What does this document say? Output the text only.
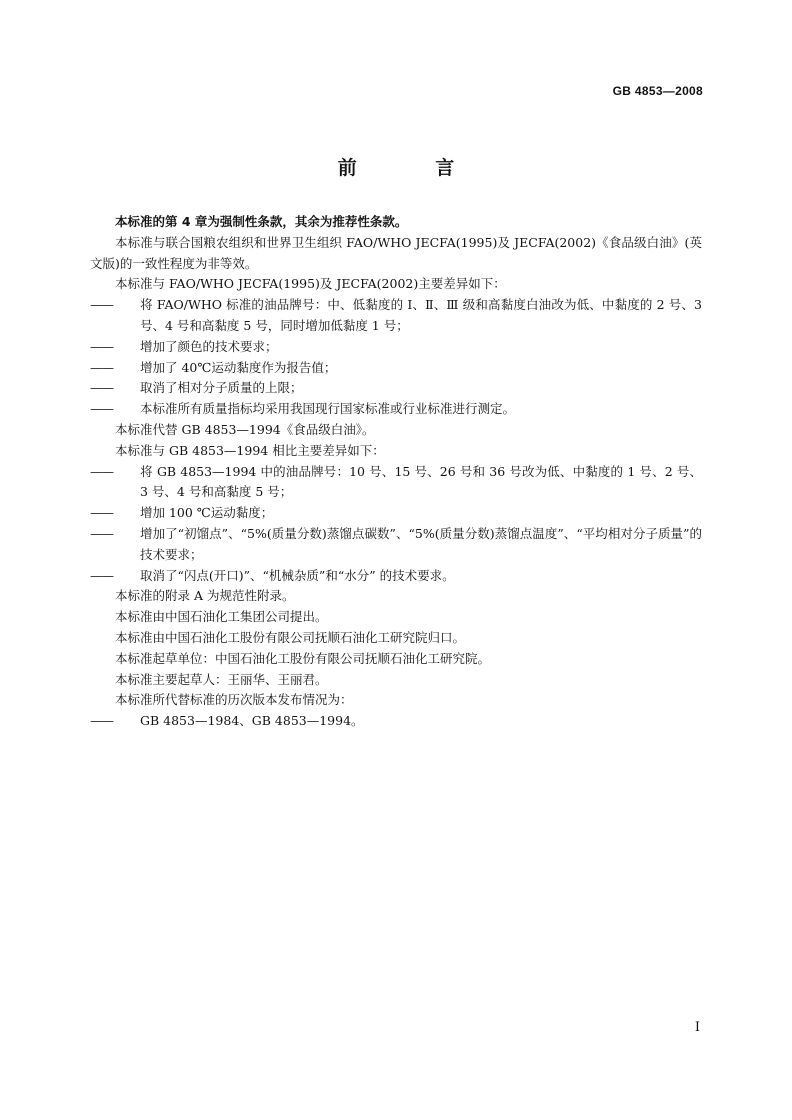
GB 4853—2008
前 言

本标准的第 4 章为强制性条款，其余为推荐性条款。

本标准与联合国粮农组织和世界卫生组织 FAO/WHO JECFA(1995)及 JECFA(2002)《食品级白油》(英文版)的一致性程度为非等效。

本标准与 FAO/WHO JECFA(1995)及 JECFA(2002)主要差异如下：

—— 将 FAO/WHO 标准的油品牌号：中、低黏度的 Ⅰ、Ⅱ、Ⅲ 级和高黏度白油改为低、中黏度的 2 号、3 号、4 号和高黏度 5 号，同时增加低黏度 1 号；

—— 增加了颜色的技术要求；

—— 增加了 40℃运动黏度作为报告值；

—— 取消了相对分子质量的上限；

—— 本标准所有质量指标均采用我国现行国家标准或行业标准进行测定。

本标准代替 GB 4853—1994《食品级白油》。

本标准与 GB 4853—1994 相比主要差异如下：

—— 将 GB 4853—1994 中的油品牌号：10 号、15 号、26 号和 36 号改为低、中黏度的 1 号、2 号、3 号、4 号和高黏度 5 号；

—— 增加 100 ℃运动黏度；

—— 增加了“初馏点”、“5%(质量分数)蒸馏点碳数”、“5%(质量分数)蒸馏点温度”、“平均相对分子质量”的技术要求；

—— 取消了“闪点(开口)”、“机械杂质”和“水分” 的技术要求。

本标准的附录 A 为规范性附录。

本标准由中国石油化工集团公司提出。

本标准由中国石油化工股份有限公司抚顺石油化工研究院归口。

本标准起草单位：中国石油化工股份有限公司抚顺石油化工研究院。

本标准主要起草人：王丽华、王丽君。

本标准所代替标准的历次版本发布情况为：

—— GB 4853—1984、GB 4853—1994。

I
